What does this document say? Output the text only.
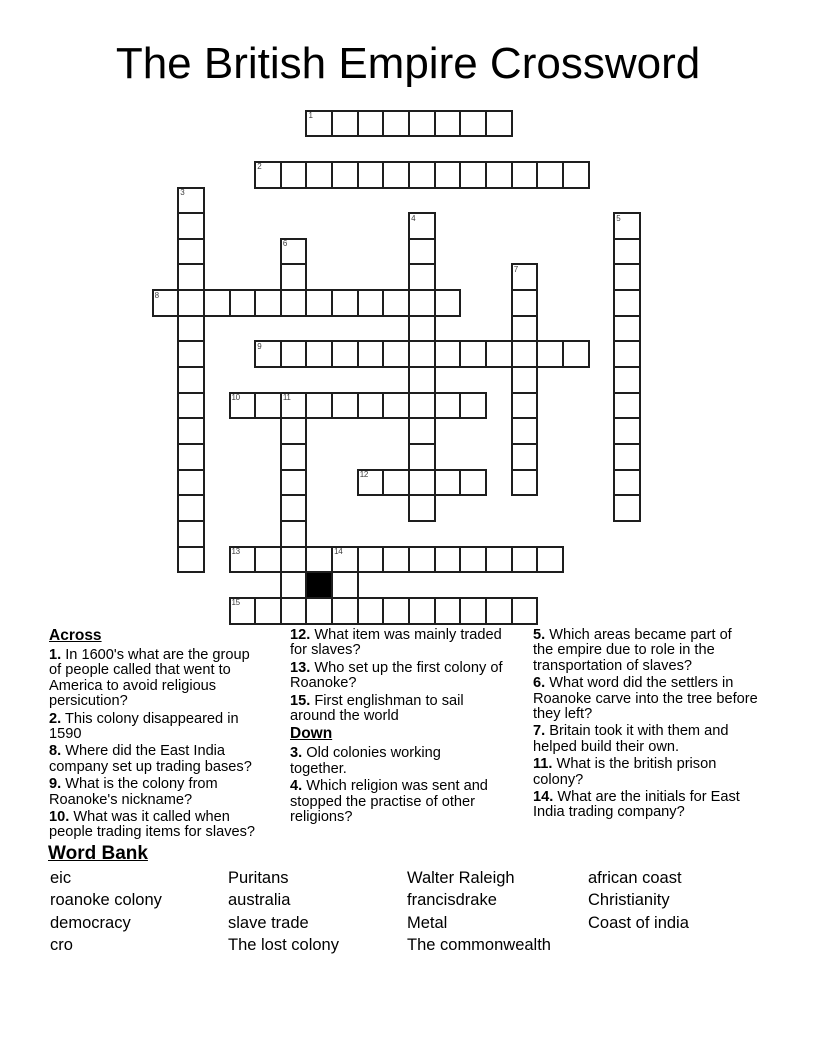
The British Empire Crossword
1
2
3
4	5
6
7
8
9
10	11
12
13	14
15
Across

1. In 1600's what are the group
of people called that went to
America to avoid religious
persicution?

2. This colony disappeared in
1590

8. Where did the East India
company set up trading bases?

9. What is the colony from
Roanoke's nickname?

10. What was it called when
people trading items for slaves?

12. What item was mainly traded
for slaves?

13. Who set up the first colony of
Roanoke?

15. First englishman to sail
around the world

Down

3. Old colonies working
together.

4. Which religion was sent and
stopped the practise of other
religions?

5. Which areas became part of
the empire due to role in the
transportation of slaves?

6. What word did the settlers in
Roanoke carve into the tree before
they left?

7. Britain took it with them and
helped build their own.

11. What is the british prison
colony?

14. What are the initials for East
India trading company?

Word Bank
eic
roanoke colony
democracy
cro
Puritans
australia
slave trade
The lost colony
Walter Raleigh
francisdrake
Metal
The commonwealth
african coast
Christianity
Coast of india
